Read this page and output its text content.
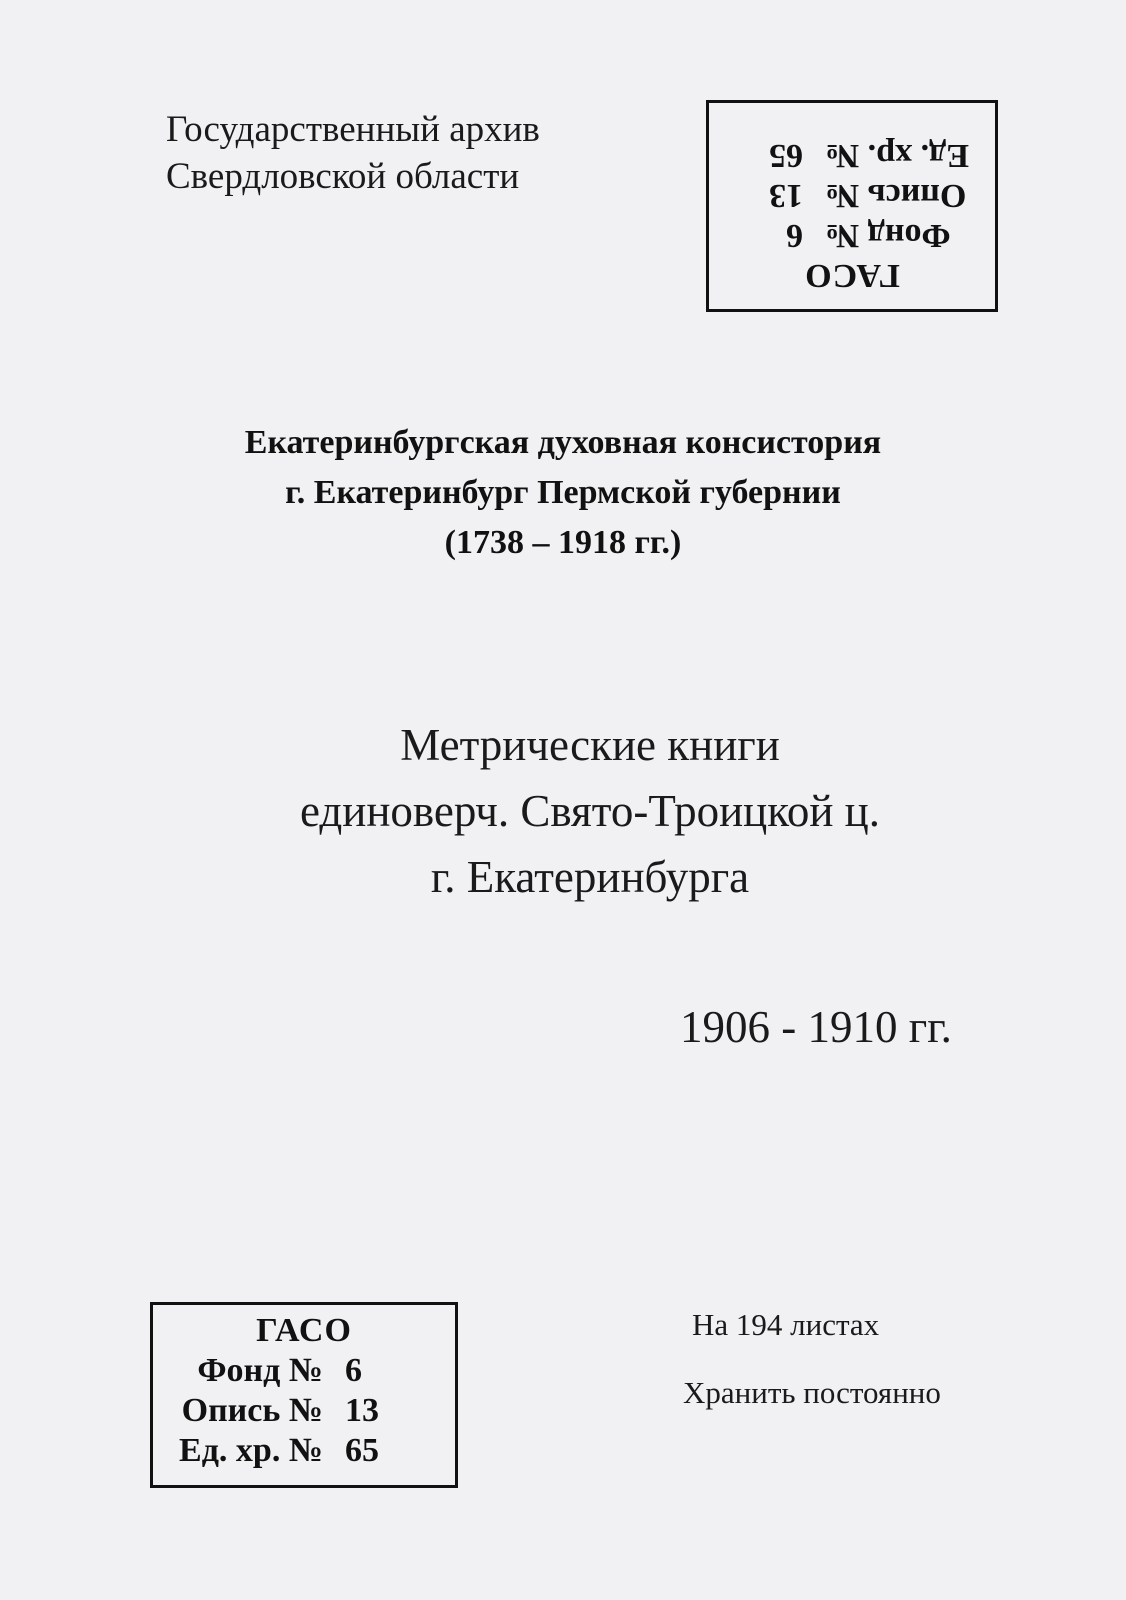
Государственный архив
Свердловской области
ГАСО
Фонд №
6
Опись №
13
Ед. хр. №
65
Екатеринбургская духовная консистория
г. Екатеринбург Пермской губернии
(1738 – 1918 гг.)
Метрические книги
единоверч. Свято-Троицкой ц.
г. Екатеринбурга
1906 - 1910 гг.
ГАСО
Фонд № 6
Опись № 13
Ед. хр. № 65
На 194 листах
Хранить постоянно
